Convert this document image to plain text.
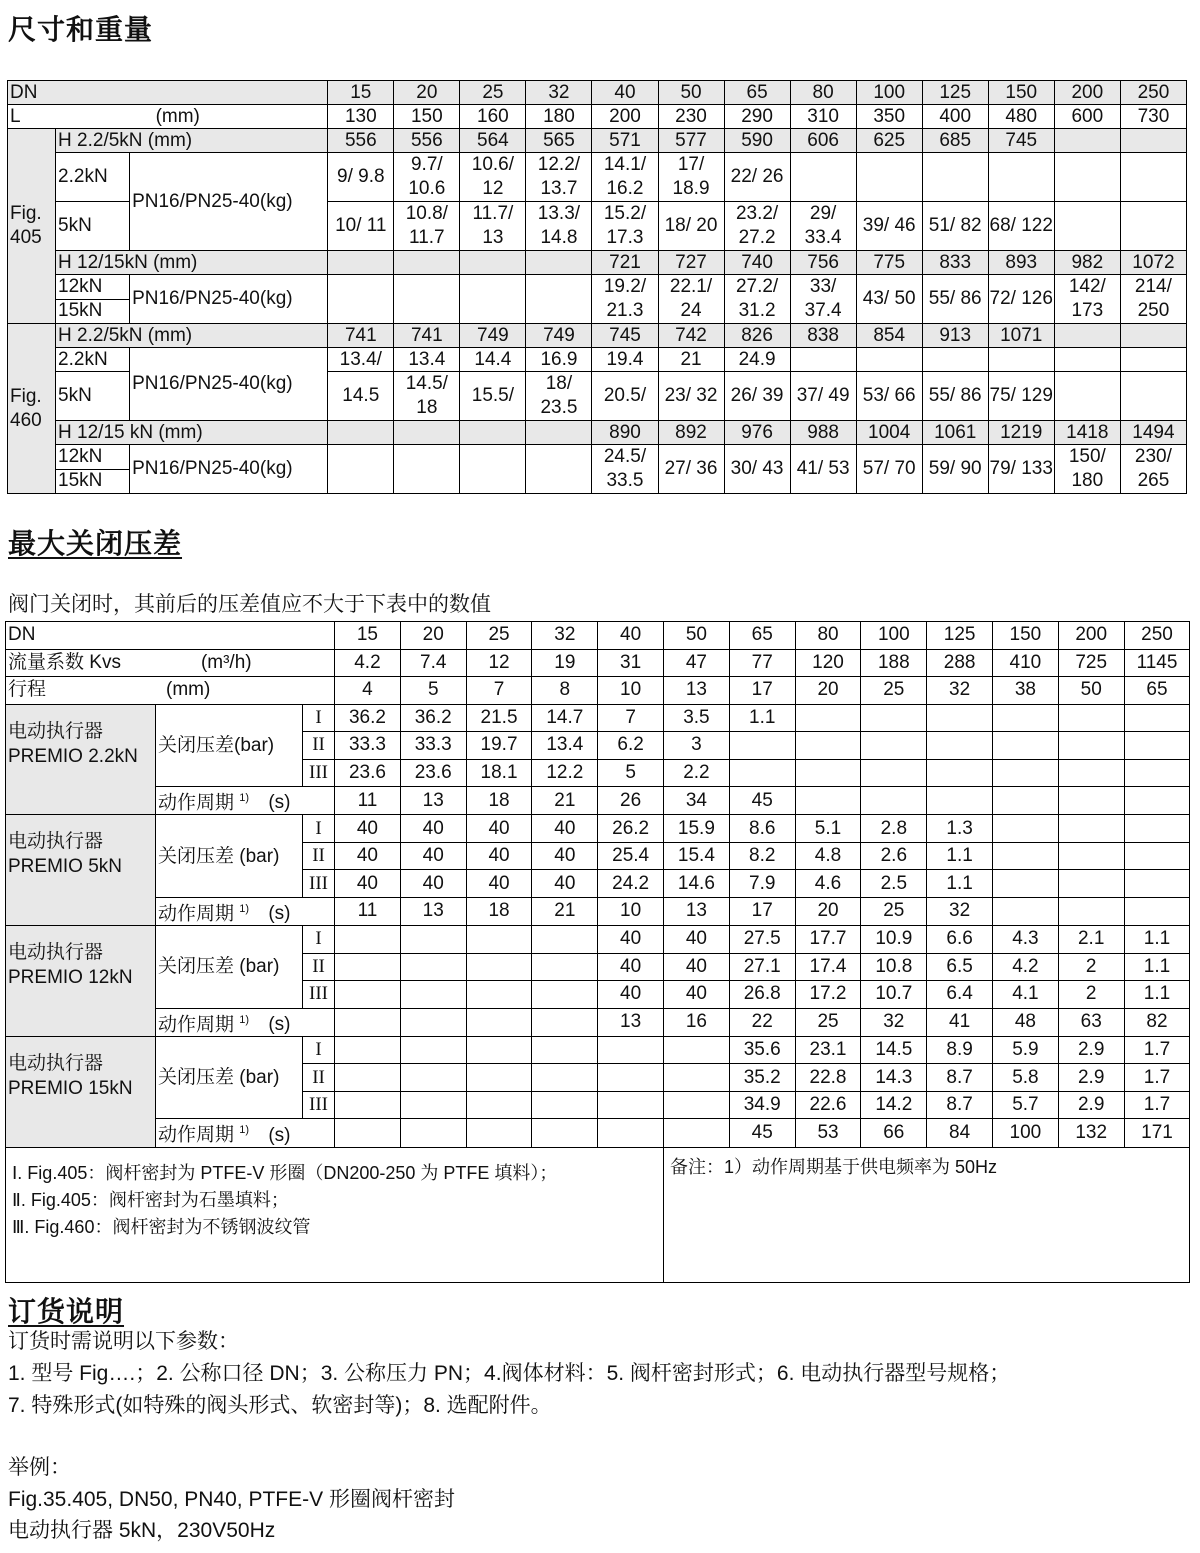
尺寸和重量
DN			15	20	25	32	40	50	65	80	100	125	150	200	250
L (mm)			130	150	160	180	200	230	290	310	350	400	480	600	730
Fig. 405	H 2.2/5kN (mm)		556	556	564	565	571	577	590	606	625	685	745		
	2.2kN	PN16/PN25-40(kg)	9/ 9.8	9.7/ 10.6	10.6/ 12	12.2/ 13.7	14.1/ 16.2	17/ 18.9	22/ 26						
	5kN		10/ 11	10.8/ 11.7	11.7/ 13	13.3/ 14.8	15.2/ 17.3	18/ 20	23.2/ 27.2	29/ 33.4	39/ 46	51/ 82	68/ 122		
	H 12/15kN (mm)						721	727	740	756	775	833	893	982	1072
	12kN	PN16/PN25-40(kg)					19.2/ 21.3	22.1/ 24	27.2/ 31.2	33/ 37.4	43/ 50	55/ 86	72/ 126	142/ 173	214/ 250
	15kN														
Fig. 460	H 2.2/5kN (mm)		741	741	749	749	745	742	826	838	854	913	1071		
	2.2kN	PN16/PN25-40(kg)	13.4/	13.4	14.4	16.9	19.4	21	24.9						
	5kN		14.5	14.5/ 18	15.5/	18/ 23.5	20.5/	23/ 32	26/ 39	37/ 49	53/ 66	55/ 86	75/ 129		
	H 12/15 kN (mm)						890	892	976	988	1004	1061	1219	1418	1494
	12kN	PN16/PN25-40(kg)					24.5/ 33.5	27/ 36	30/ 43	41/ 53	57/ 70	59/ 90	79/ 133	150/ 180	230/ 265
	15kN														
最大关闭压差
阀门关闭时，其前后的压差值应不大于下表中的数值
DN			15	20	25	32	40	50	65	80	100	125	150	200	250
流量系数 Kvs (m³/h)			4.2	7.4	12	19	31	47	77	120	188	288	410	725	1145
行程 (mm)			4	5	7	8	10	13	17	20	25	32	38	50	65
电动执行器 PREMIO 2.2kN	关闭压差(bar)	I	36.2	36.2	21.5	14.7	7	3.5	1.1						
		II	33.3	33.3	19.7	13.4	6.2	3							
		III	23.6	23.6	18.1	12.2	5	2.2							
	动作周期 $^{1)}$ (s)		11	13	18	21	26	34	45						
电动执行器 PREMIO 5kN	关闭压差 (bar)	I	40	40	40	40	26.2	15.9	8.6	5.1	2.8	1.3			
		II	40	40	40	40	25.4	15.4	8.2	4.8	2.6	1.1			
		III	40	40	40	40	24.2	14.6	7.9	4.6	2.5	1.1			
	动作周期 $^{1)}$ (s)		11	13	18	21	10	13	17	20	25	32			
电动执行器 PREMIO 12kN	关闭压差 (bar)	I					40	40	27.5	17.7	10.9	6.6	4.3	2.1	1.1
		II					40	40	27.1	17.4	10.8	6.5	4.2	2	1.1
		III					40	40	26.8	17.2	10.7	6.4	4.1	2	1.1
	动作周期 $^{1)}$ (s)						13	16	22	25	32	41	48	63	82
电动执行器 PREMIO 15kN	关闭压差 (bar)	I							35.6	23.1	14.5	8.9	5.9	2.9	1.7
		II							35.2	22.8	14.3	8.7	5.8	2.9	1.7
		III							34.9	22.6	14.2	8.7	5.7	2.9	1.7
	动作周期 $^{1)}$ (s)								45	53	66	84	100	132	171

Ⅰ. Fig.405：阀杆密封为 PTFE-V 形圈（DN200-250 为 PTFE 填料）；
Ⅱ. Fig.405：阀杆密封为石墨填料；
Ⅲ. Fig.460：阀杆密封为不锈钢波纹管								备注：1）动作周期基于供电频率为 50Hz							
订货说明
订货时需说明以下参数：
1. 型号 Fig….；2. 公称口径 DN；3. 公称压力 PN；4.阀体材料：5. 阀杆密封形式；6. 电动执行器型号规格；
7. 特殊形式(如特殊的阀头形式、软密封等)；8. 选配附件。
举例：
Fig.35.405, DN50, PN40, PTFE-V 形圈阀杆密封
电动执行器 5kN，230V50Hz
